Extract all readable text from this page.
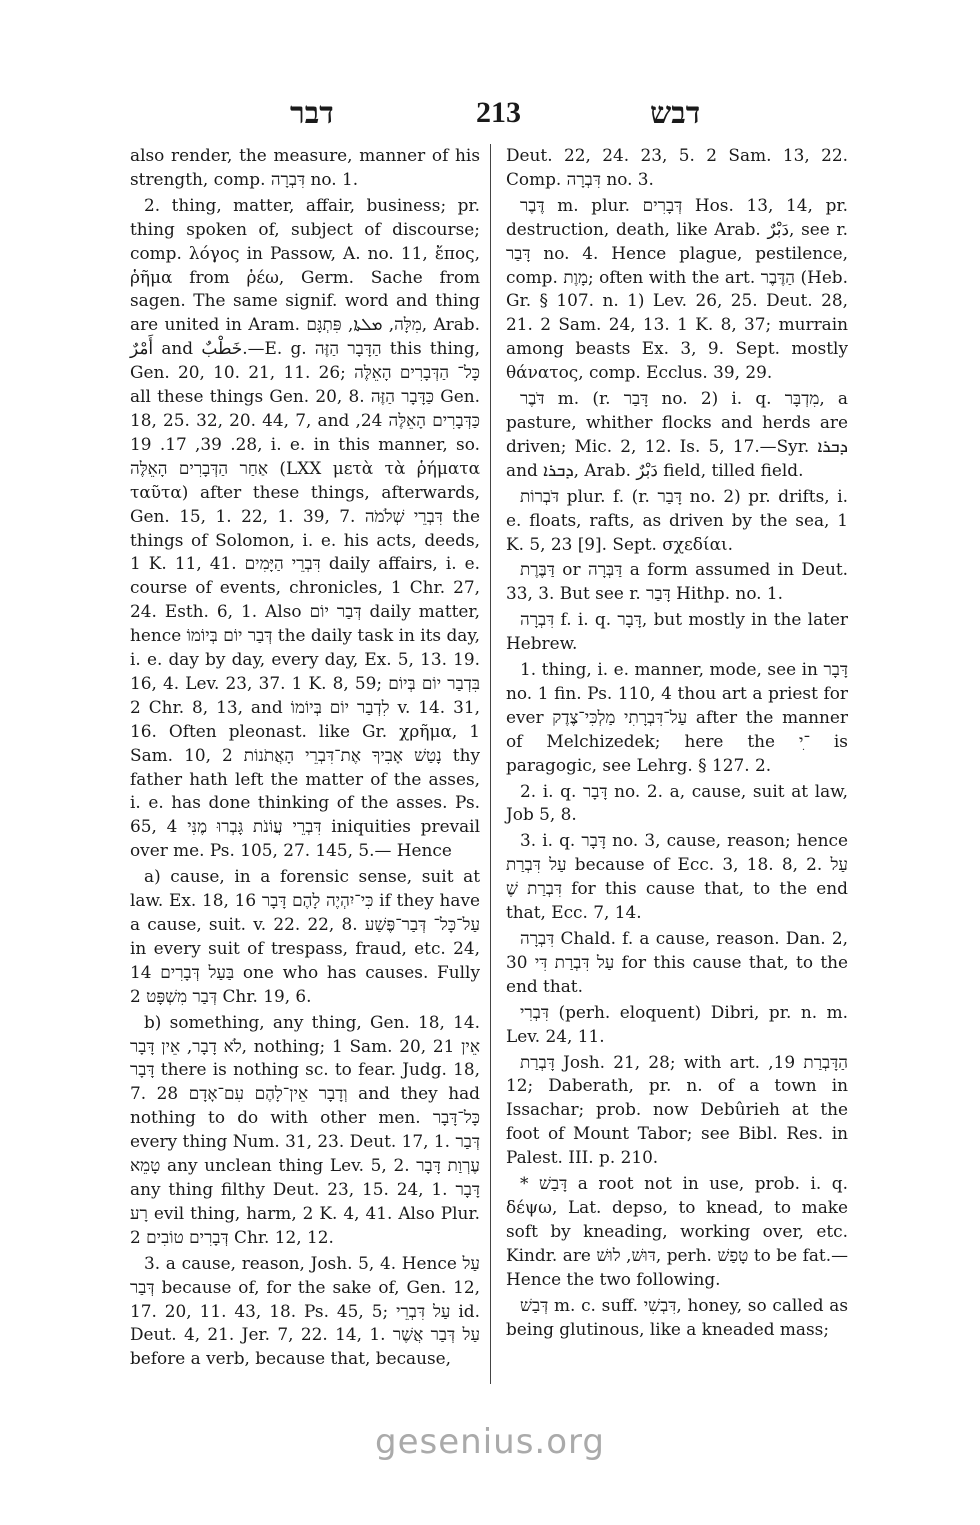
דבר	213	דבש

also render, the measure, manner of his strength, comp. דִּבְרָה no. 1.

2. thing, matter, affair, business; pr. thing spoken of, subject of discourse; comp. λόγος in Passow, A. no. 11, ἔπος, ῥῆμα from ῥέω, Germ. Sache from sagen. The same signif. word and thing are united in Aram. מִלָּה, ܡܠܬܐ, פִּתְגָּם, Arab. أَمْرٌ and خَطْبٌ.—E. g. הַדָּבָר הַזֶּה this thing, Gen. 20, 10. 21, 11. 26; כָּל־ הַדְּבָרִים הָאֵלֶּה all these things Gen. 20, 8. כַּדָּבָר הַזֶּה Gen. 18, 25. 32, 20. 44, 7, and כַּדְּבָרִים הָאֵלֶּה 24, 28. 39, 17. 19, i. e. in this manner, so. אַחַר הַדְּבָרִים הָאֵלֶּה (LXX μετὰ τὰ ῥήματα ταῦτα) after these things, afterwards, Gen. 15, 1. 22, 1. 39, 7. דִּבְרֵי שְׁלֹמֹה the things of Solomon, i. e. his acts, deeds, 1 K. 11, 41. דִּבְרֵי הַיָּמִים daily affairs, i. e. course of events, chronicles, 1 Chr. 27, 24. Esth. 6, 1. Also דְּבַר יוֹם daily matter, hence דְּבַר יוֹם בְּיוֹמוֹ the daily task in its day, i. e. day by day, every day, Ex. 5, 13. 19. 16, 4. Lev. 23, 37. 1 K. 8, 59; בִּדְבַר יוֹם בְּיוֹם 2 Chr. 8, 13, and לִדְבַר יוֹם בְּיוֹמוֹ v. 14. 31, 16. Often pleonast. like Gr. χρῆμα, 1 Sam. 10, 2 נָטַשׁ אָבִיךָ אֶת־דִּבְרֵי הָאֲתֹנוֹת thy father hath left the matter of the asses, i. e. has done thinking of the asses. Ps. 65, 4 דִּבְרֵי עֲוֹנֹת גָּבְרוּ מֶנִּי iniquities prevail over me. Ps. 105, 27. 145, 5.— Hence

a) cause, in a forensic sense, suit at law. Ex. 18, 16 כִּי־יִהְיֶה לָהֶם דָּבָר if they have a cause, suit. v. 22. 22, 8. עַל־כָּל־ דְּבַר־פֶּשַׁע in every suit of trespass, fraud, etc. 24, 14 בַּעַל דְּבָרִים one who has causes. Fully דְּבַר מִשְׁפָּט 2 Chr. 19, 6.

b) something, any thing, Gen. 18, 14. לֹא דָבָר, אֵין דָּבָר, nothing; 1 Sam. 20, 21 אֵין דָּבָר there is nothing sc. to fear. Judg. 18, 7. 28 וְדָבָר אֵין־לָהֶם עִם־אָדָם and they had nothing to do with other men. כָּל־דָּבָר every thing Num. 31, 23. Deut. 17, 1. דְּבַר טָמֵא any unclean thing Lev. 5, 2. עֶרְוַת דָּבָר any thing filthy Deut. 23, 15. 24, 1. דָּבָר רָע evil thing, harm, 2 K. 4, 41. Also Plur. דְּבָרִים טוֹבִים 2 Chr. 12, 12.

3. a cause, reason, Josh. 5, 4. Hence עַל דְּבַר because of, for the sake of, Gen. 12, 17. 20, 11. 43, 18. Ps. 45, 5; עַל דִּבְרֵי id. Deut. 4, 21. Jer. 7, 22. 14, 1. עַל דְּבַר אֲשֶׁר before a verb, because that, because,

Deut. 22, 24. 23, 5. 2 Sam. 13, 22. Comp. דִּבְרָה no. 3.

דֶּבֶר m. plur. דְּבָרִים Hos. 13, 14, pr. destruction, death, like Arab. دَبْرٌ, see r. דָּבַר no. 4. Hence plague, pestilence, comp. מָוֶת; often with the art. הַדֶּבֶר (Heb. Gr. § 107. n. 1) Lev. 26, 25. Deut. 28, 21. 2 Sam. 24, 13. 1 K. 8, 37; murrain among beasts Ex. 3, 9. Sept. mostly θάνατος, comp. Ecclus. 39, 29.

דֹּבֶר m. (r. דָּבַר no. 2) i. q. מִדְבָּר, a pasture, whither flocks and herds are driven; Mic. 2, 12. Is. 5, 17.—Syr. ܕܒܪܐ and ܕܒܪܐ, Arab. دَبْرٌ field, tilled field.

דֹּבְרוֹת plur. f. (r. דָּבַר no. 2) pr. drifts, i. e. floats, rafts, as driven by the sea, 1 K. 5, 23 [9]. Sept. σχεδίαι.

דַּבֶּרֶת or דַּבְּרָה a form assumed in Deut. 33, 3. But see r. דָּבַר Hithp. no. 1.

דִּבְרָה f. i. q. דָּבָר, but mostly in the later Hebrew.

1. thing, i. e. manner, mode, see in דָּבָר no. 1 fin. Ps. 110, 4 thou art a priest for ever עַל־דִּבְרָתִי מַלְכִּי־צֶדֶק after the manner of Melchizedek; here the ־ִי is paragogic, see Lehrg. § 127. 2.

2. i. q. דָּבָר no. 2. a, cause, suit at law, Job 5, 8.

3. i. q. דָּבָר no. 3, cause, reason; hence עַל דִּבְרַת because of Ecc. 3, 18. 8, 2. עַל דִּבְרַת שֶׁ for this cause that, to the end that, Ecc. 7, 14.

דִּבְרָה Chald. f. a cause, reason. Dan. 2, 30 עַל דִּבְרַת דִּי for this cause that, to the end that.

דִּבְרִי (perh. eloquent) Dibri, pr. n. m. Lev. 24, 11.

דָּבְרַת Josh. 21, 28; with art. הַדָּבְרַת 19, 12; Daberath, pr. n. of a town in Issachar; prob. now Debûrieh at the foot of Mount Tabor; see Bibl. Res. in Palest. III. p. 210.

* דָּבַשׁ a root not in use, prob. i. q. δέψω, Lat. depso, to knead, to make soft by kneading, working over, etc. Kindr. are דּוּשׁ, לוּשׁ, perh. טָפַשׁ to be fat.— Hence the two following.

דְּבַשׁ m. c. suff. דִּבְשִׁי, honey, so called as being glutinous, like a kneaded mass;

gesenius.org
